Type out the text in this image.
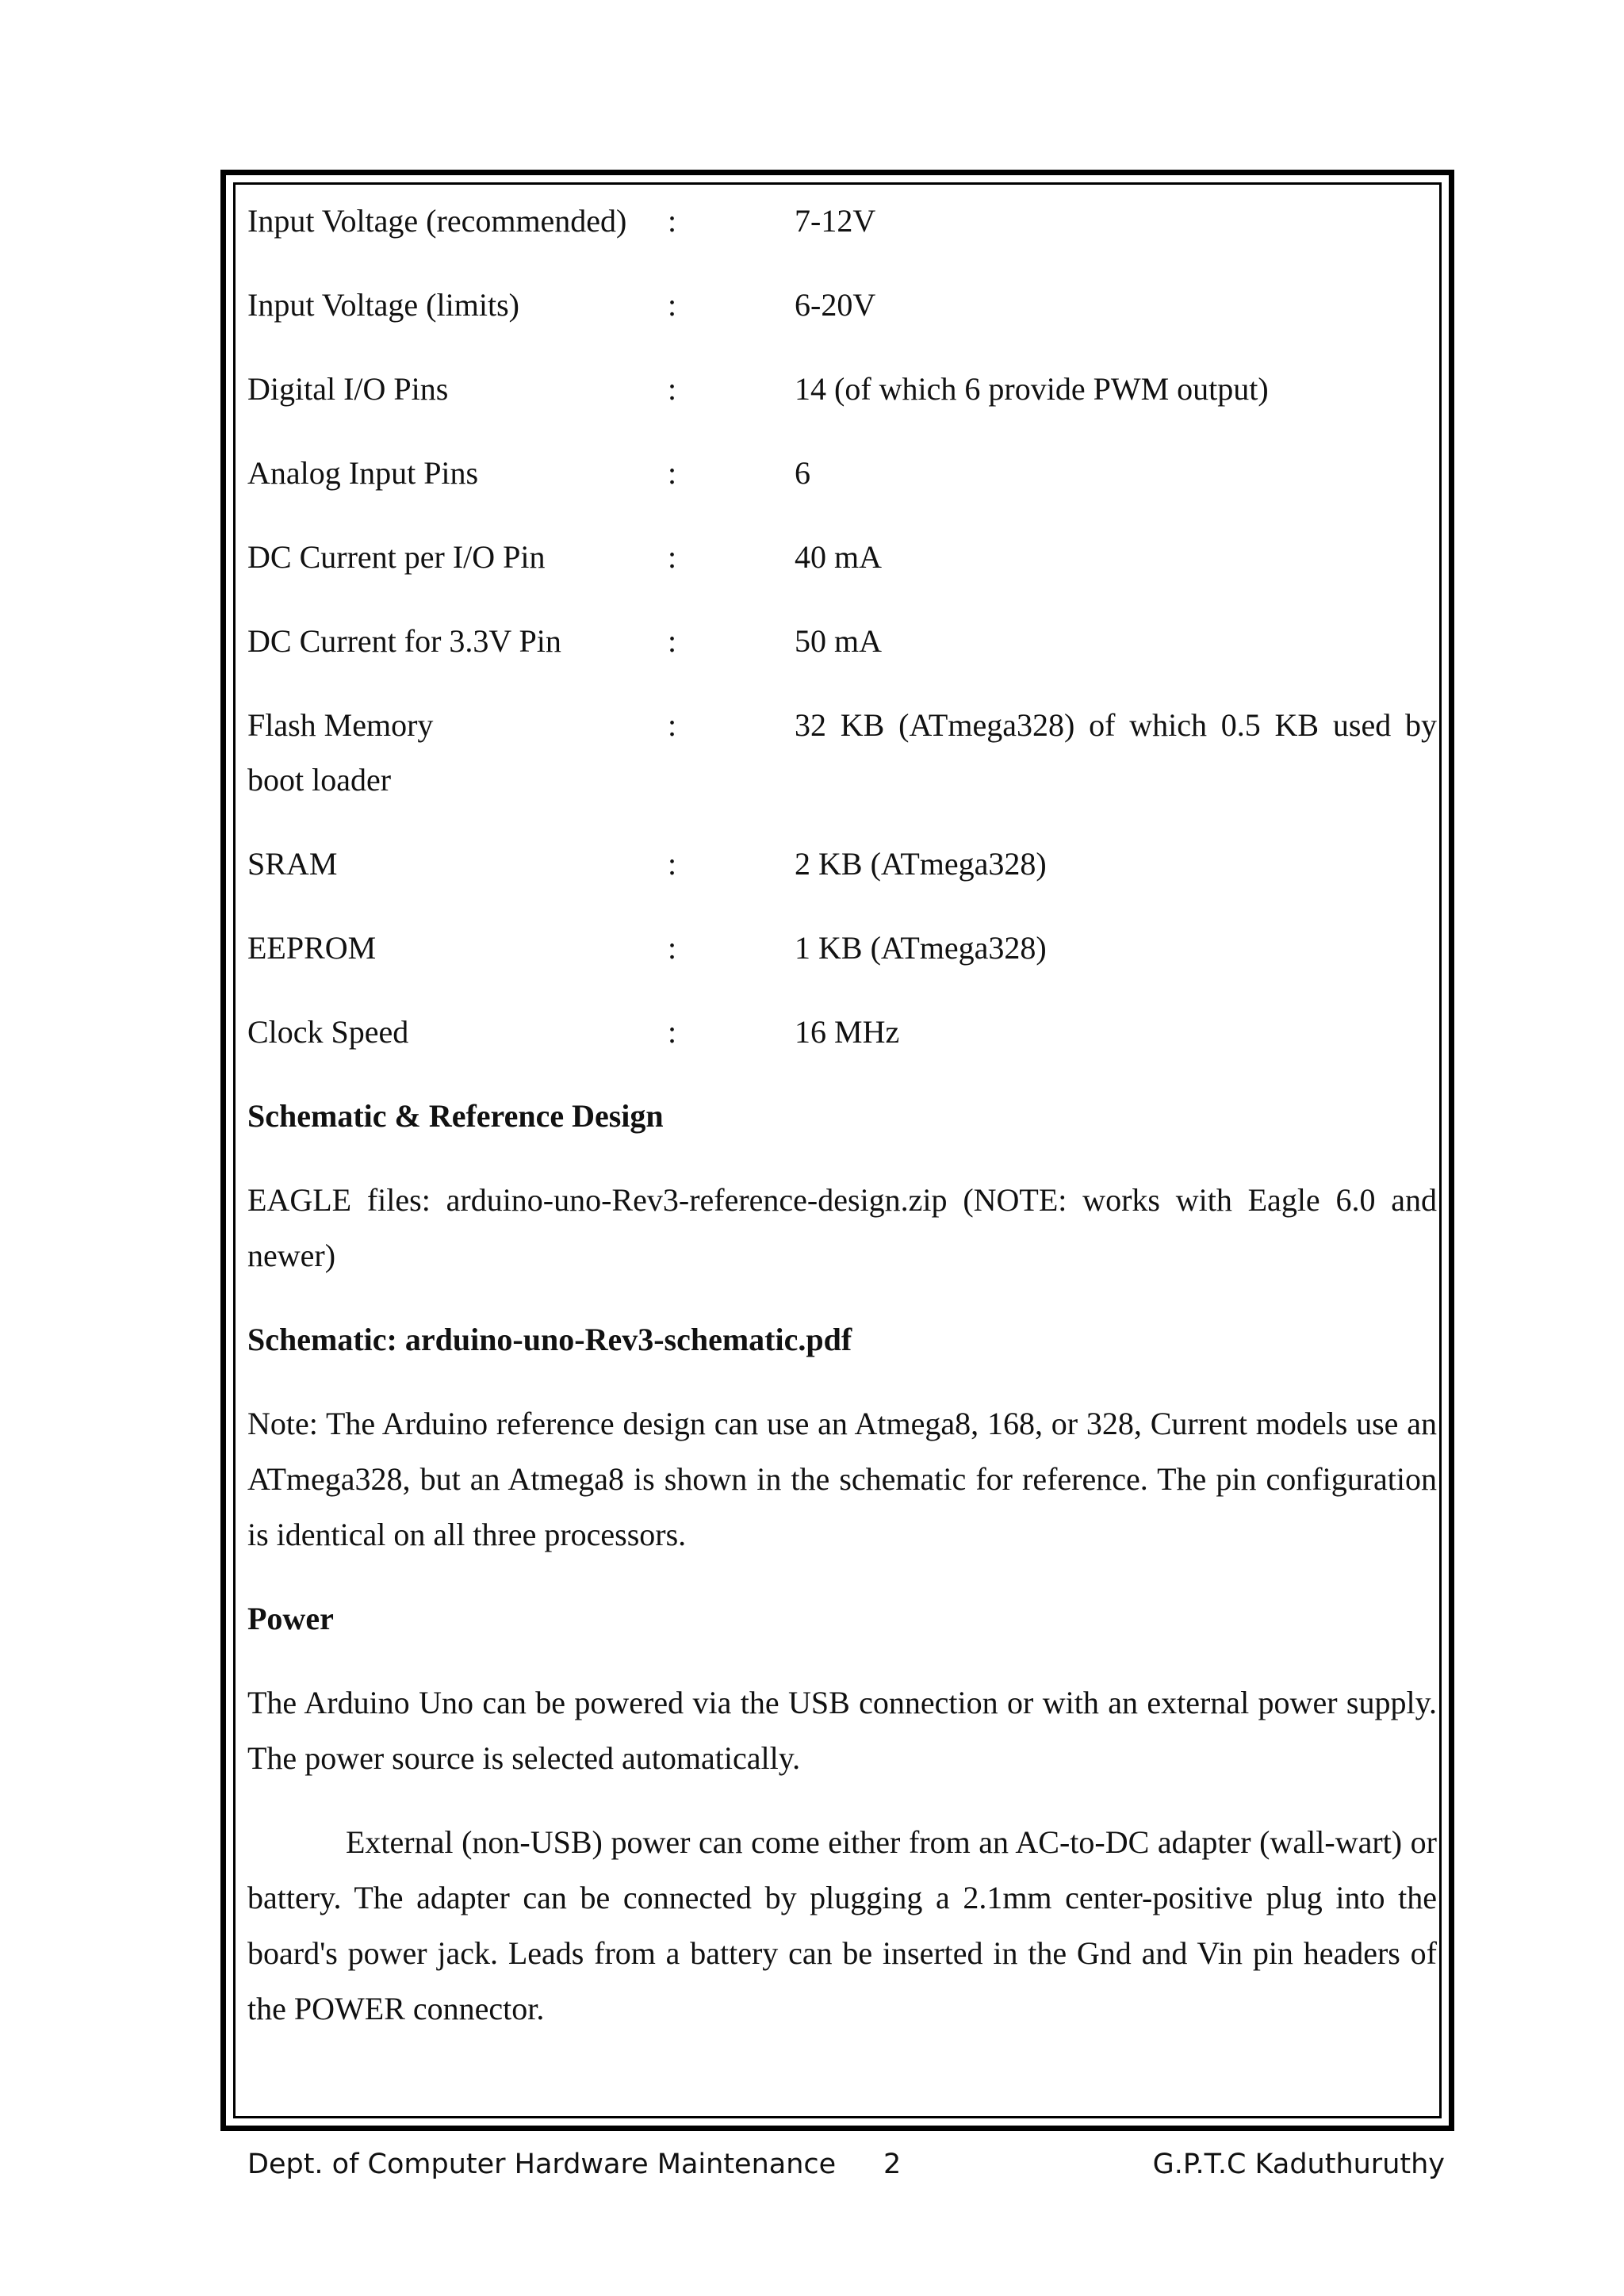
Input Voltage (recommended)	:	7-12V
Input Voltage (limits)	:	6-20V
Digital I/O Pins	:	14 (of which 6 provide PWM output)
Analog Input Pins	:	6
DC Current per I/O Pin	:	40 mA
DC Current for 3.3V Pin	:	50 mA
Flash Memory	:	32 KB (ATmega328) of which 0.5 KB used by
boot loader
SRAM	:	2 KB (ATmega328)
EEPROM	:	1 KB (ATmega328)
Clock Speed	:	16 MHz
Schematic & Reference Design

EAGLE files: arduino-uno-Rev3-reference-design.zip (NOTE: works with Eagle 6.0 and newer)

Schematic: arduino-uno-Rev3-schematic.pdf

Note: The Arduino reference design can use an Atmega8, 168, or 328, Current models use an ATmega328, but an Atmega8 is shown in the schematic for reference. The pin configuration is identical on all three processors.

Power

The Arduino Uno can be powered via the USB connection or with an external power supply. The power source is selected automatically.

External (non-USB) power can come either from an AC-to-DC adapter (wall-wart) or battery. The adapter can be connected by plugging a 2.1mm center-positive plug into the board's power jack. Leads from a battery can be inserted in the Gnd and Vin pin headers of the POWER connector.

Dept. of Computer Hardware Maintenance 2	G.P.T.C Kaduthuruthy
